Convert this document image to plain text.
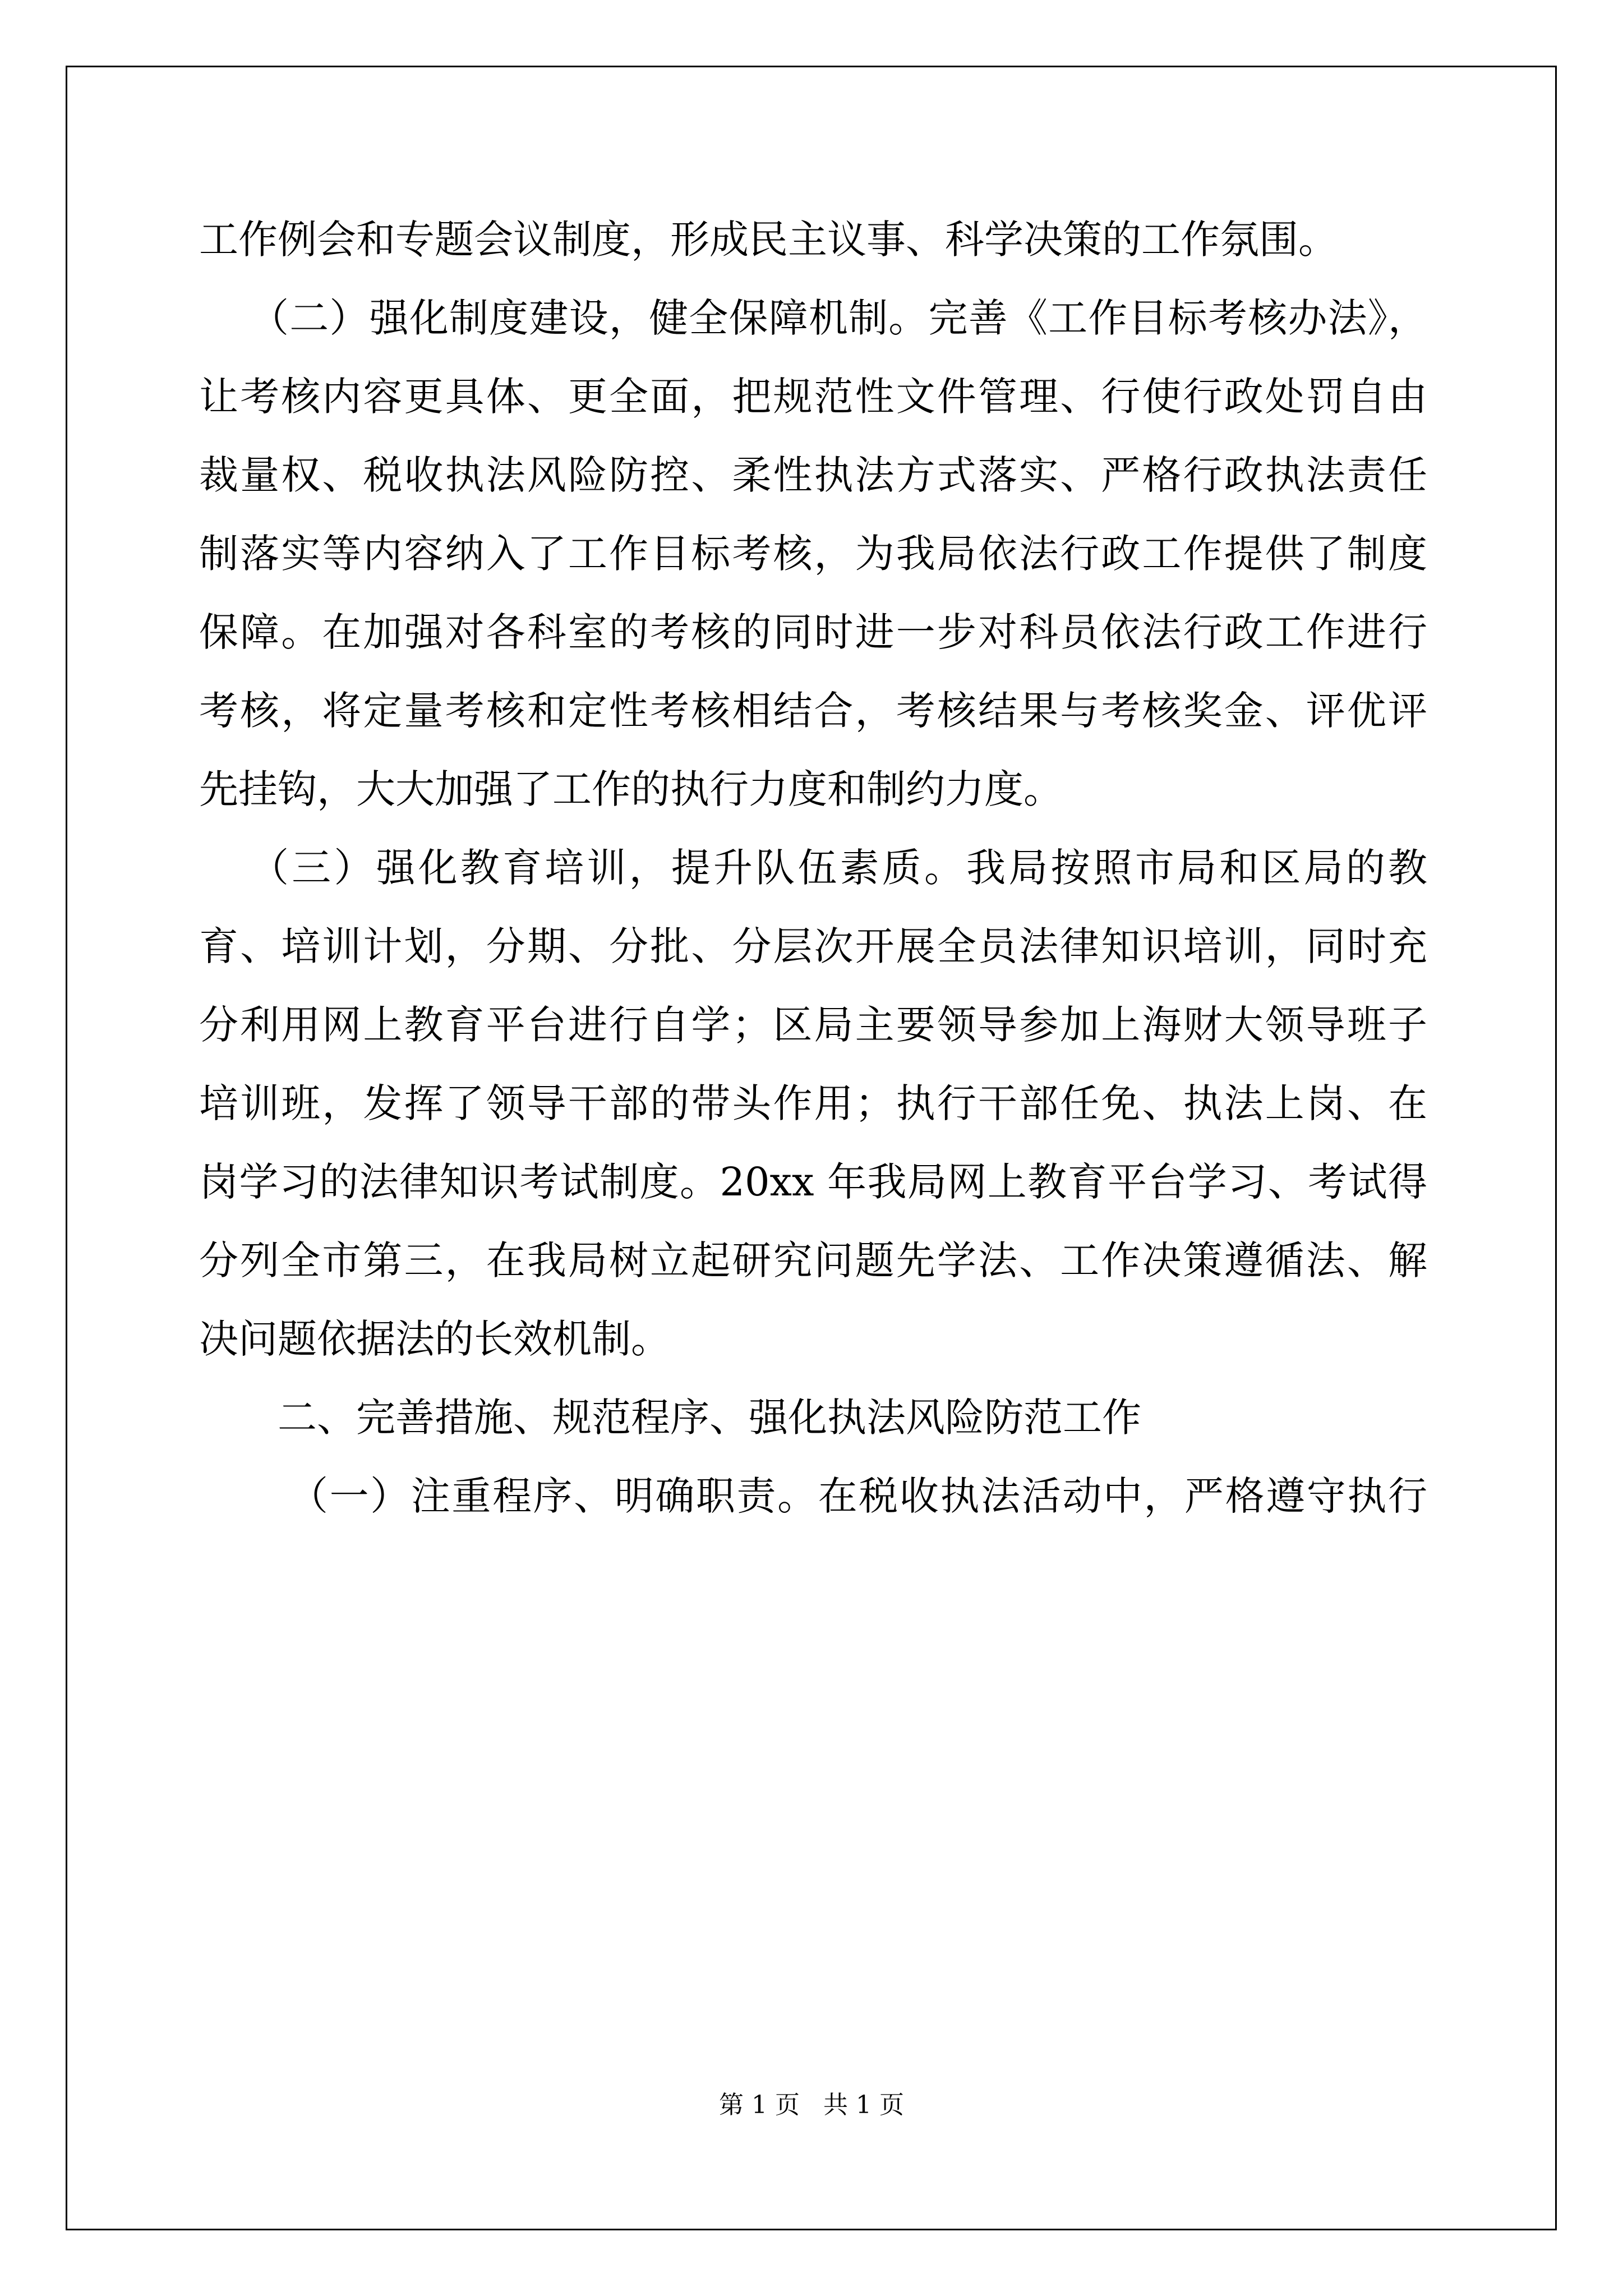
工作例会和专题会议制度，形成民主议事、科学决策的工作氛围。
（二）强化制度建设，健全保障机制。完善《工作目标考核办法》，
让考核内容更具体、更全面，把规范性文件管理、行使行政处罚自由
裁量权、税收执法风险防控、柔性执法方式落实、严格行政执法责任
制落实等内容纳入了工作目标考核，为我局依法行政工作提供了制度
保障。在加强对各科室的考核的同时进一步对科员依法行政工作进行
考核，将定量考核和定性考核相结合，考核结果与考核奖金、评优评
先挂钩，大大加强了工作的执行力度和制约力度。
（三）强化教育培训，提升队伍素质。我局按照市局和区局的教
育、培训计划，分期、分批、分层次开展全员法律知识培训，同时充
分利用网上教育平台进行自学；区局主要领导参加上海财大领导班子
培训班，发挥了领导干部的带头作用；执行干部任免、执法上岗、在
岗学习的法律知识考试制度。20xx 年我局网上教育平台学习、考试得
分列全市第三，在我局树立起研究问题先学法、工作决策遵循法、解
决问题依据法的长效机制。
二、完善措施、规范程序、强化执法风险防范工作
（一）注重程序、明确职责。在税收执法活动中，严格遵守执行
第 1 页   共 1 页
